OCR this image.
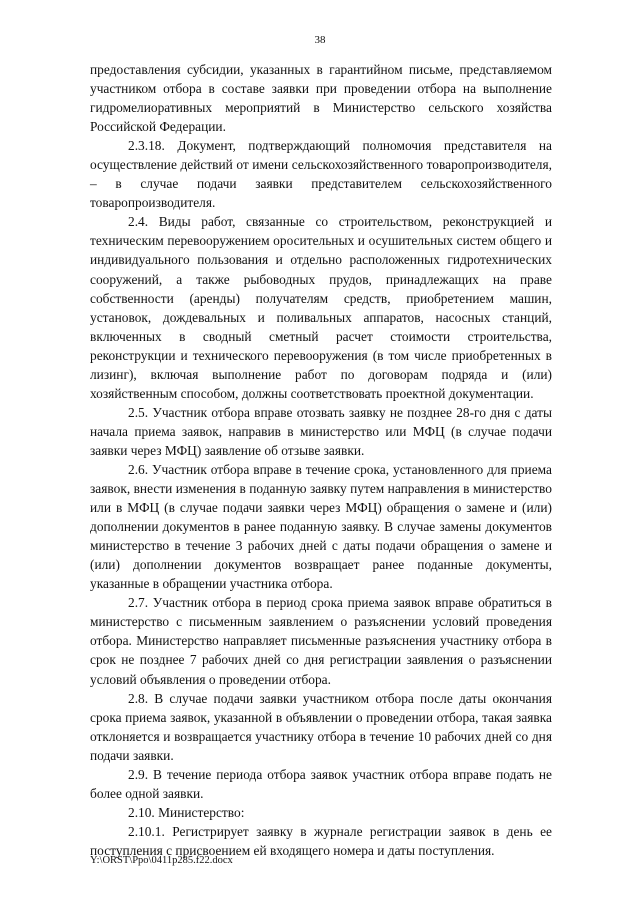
38

предоставления субсидии, указанных в гарантийном письме, представляемом участником отбора в составе заявки при проведении отбора на выполнение гидромелиоративных мероприятий в Министерство сельского хозяйства Российской Федерации.

2.3.18. Документ, подтверждающий полномочия представителя на осуществление действий от имени сельскохозяйственного товаропроизводителя, – в случае подачи заявки представителем сельскохозяйственного товаропроизводителя.

2.4. Виды работ, связанные со строительством, реконструкцией и техническим перевооружением оросительных и осушительных систем общего и индивидуального пользования и отдельно расположенных гидротехнических сооружений, а также рыбоводных прудов, принадлежащих на праве собственности (аренды) получателям средств, приобретением машин, установок, дождевальных и поливальных аппаратов, насосных станций, включенных в сводный сметный расчет стоимости строительства, реконструкции и технического перевооружения (в том числе приобретенных в лизинг), включая выполнение работ по договорам подряда и (или) хозяйственным способом, должны соответствовать проектной документации.

2.5. Участник отбора вправе отозвать заявку не позднее 28-го дня с даты начала приема заявок, направив в министерство или МФЦ (в случае подачи заявки через МФЦ) заявление об отзыве заявки.

2.6. Участник отбора вправе в течение срока, установленного для приема заявок, внести изменения в поданную заявку путем направления в министерство или в МФЦ (в случае подачи заявки через МФЦ) обращения о замене и (или) дополнении документов в ранее поданную заявку. В случае замены документов министерство в течение 3 рабочих дней с даты подачи обращения о замене и (или) дополнении документов возвращает ранее поданные документы, указанные в обращении участника отбора.

2.7. Участник отбора в период срока приема заявок вправе обратиться в министерство с письменным заявлением о разъяснении условий проведения отбора. Министерство направляет письменные разъяснения участнику отбора в срок не позднее 7 рабочих дней со дня регистрации заявления о разъяснении условий объявления о проведении отбора.

2.8. В случае подачи заявки участником отбора после даты окончания срока приема заявок, указанной в объявлении о проведении отбора, такая заявка отклоняется и возвращается участнику отбора в течение 10 рабочих дней со дня подачи заявки.

2.9. В течение периода отбора заявок участник отбора вправе подать не более одной заявки.

2.10. Министерство:

2.10.1. Регистрирует заявку в журнале регистрации заявок в день ее поступления с присвоением ей входящего номера и даты поступления.

Y:\ORST\Ppo\0411p285.f22.docx
